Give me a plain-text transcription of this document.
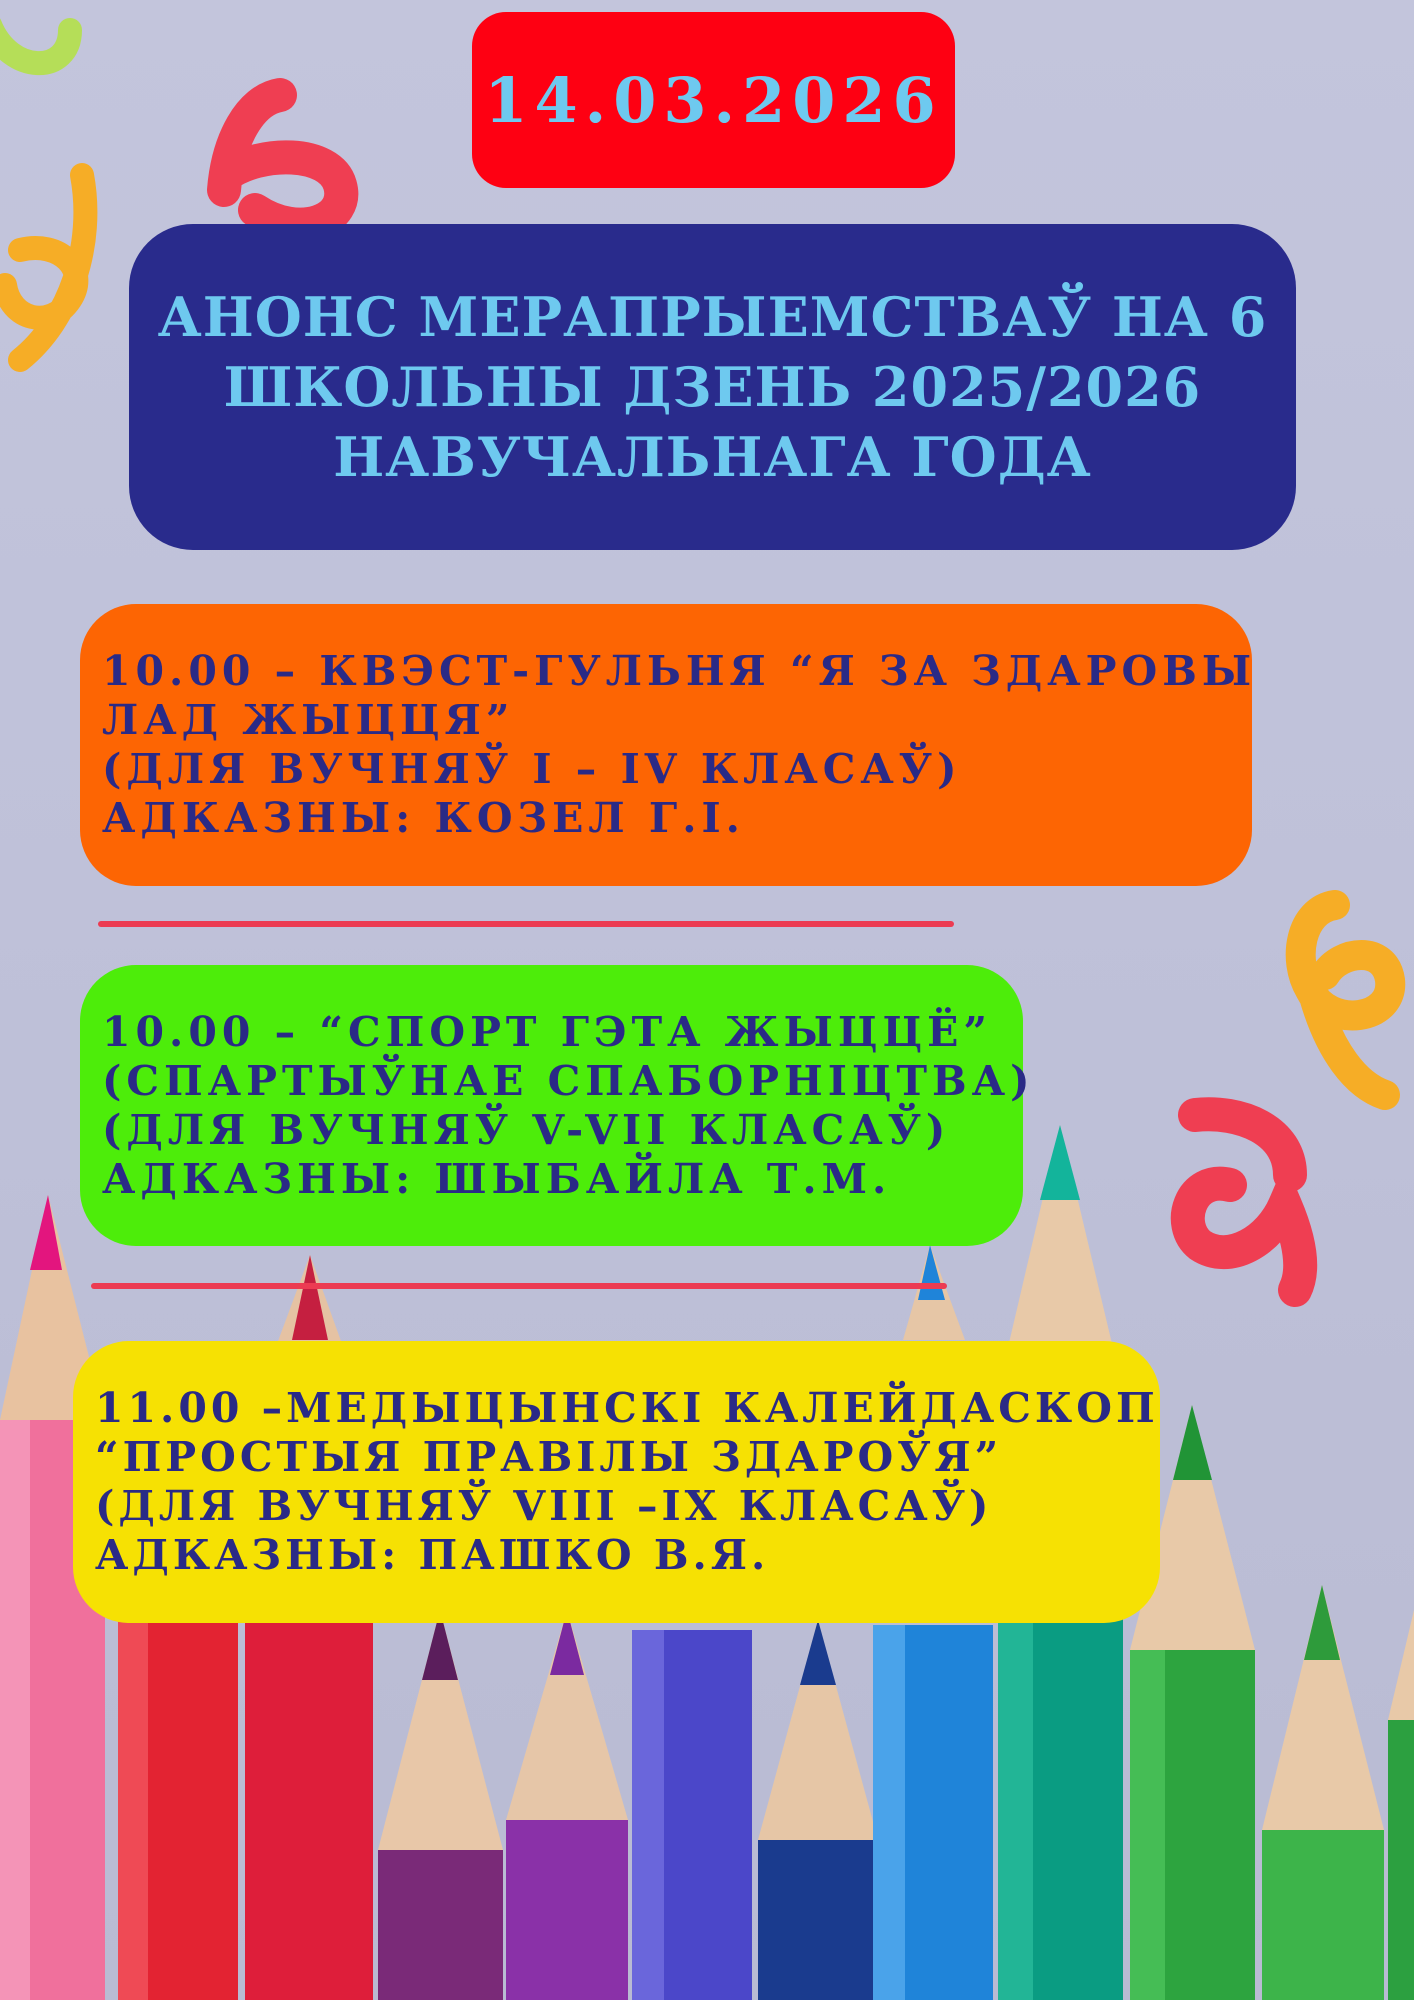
14.03.2026
АНОНС МЕРАПРЫЕМСТВАЎ НА 6
ШКОЛЬНЫ ДЗЕНЬ 2025/2026
НАВУЧАЛЬНАГА ГОДА
10.00 – КВЭСТ-ГУЛЬНЯ “Я ЗА ЗДАРОВЫ
ЛАД ЖЫЦЦЯ”
(ДЛЯ ВУЧНЯЎ І – ІV КЛАСАЎ)
АДКАЗНЫ: КОЗЕЛ Г.І.
10.00 – “СПОРТ ГЭТА ЖЫЦЦЁ”
(СПАРТЫЎНАЕ СПАБОРНІЦТВА)
(ДЛЯ ВУЧНЯЎ V-VII КЛАСАЎ)
АДКАЗНЫ: ШЫБАЙЛА Т.М.
11.00 –МЕДЫЦЫНСКІ КАЛЕЙДАСКОП
“ПРОСТЫЯ ПРАВІЛЫ ЗДАРОЎЯ”
(ДЛЯ ВУЧНЯЎ VIII –IX КЛАСАЎ)
АДКАЗНЫ: ПАШКО В.Я.
